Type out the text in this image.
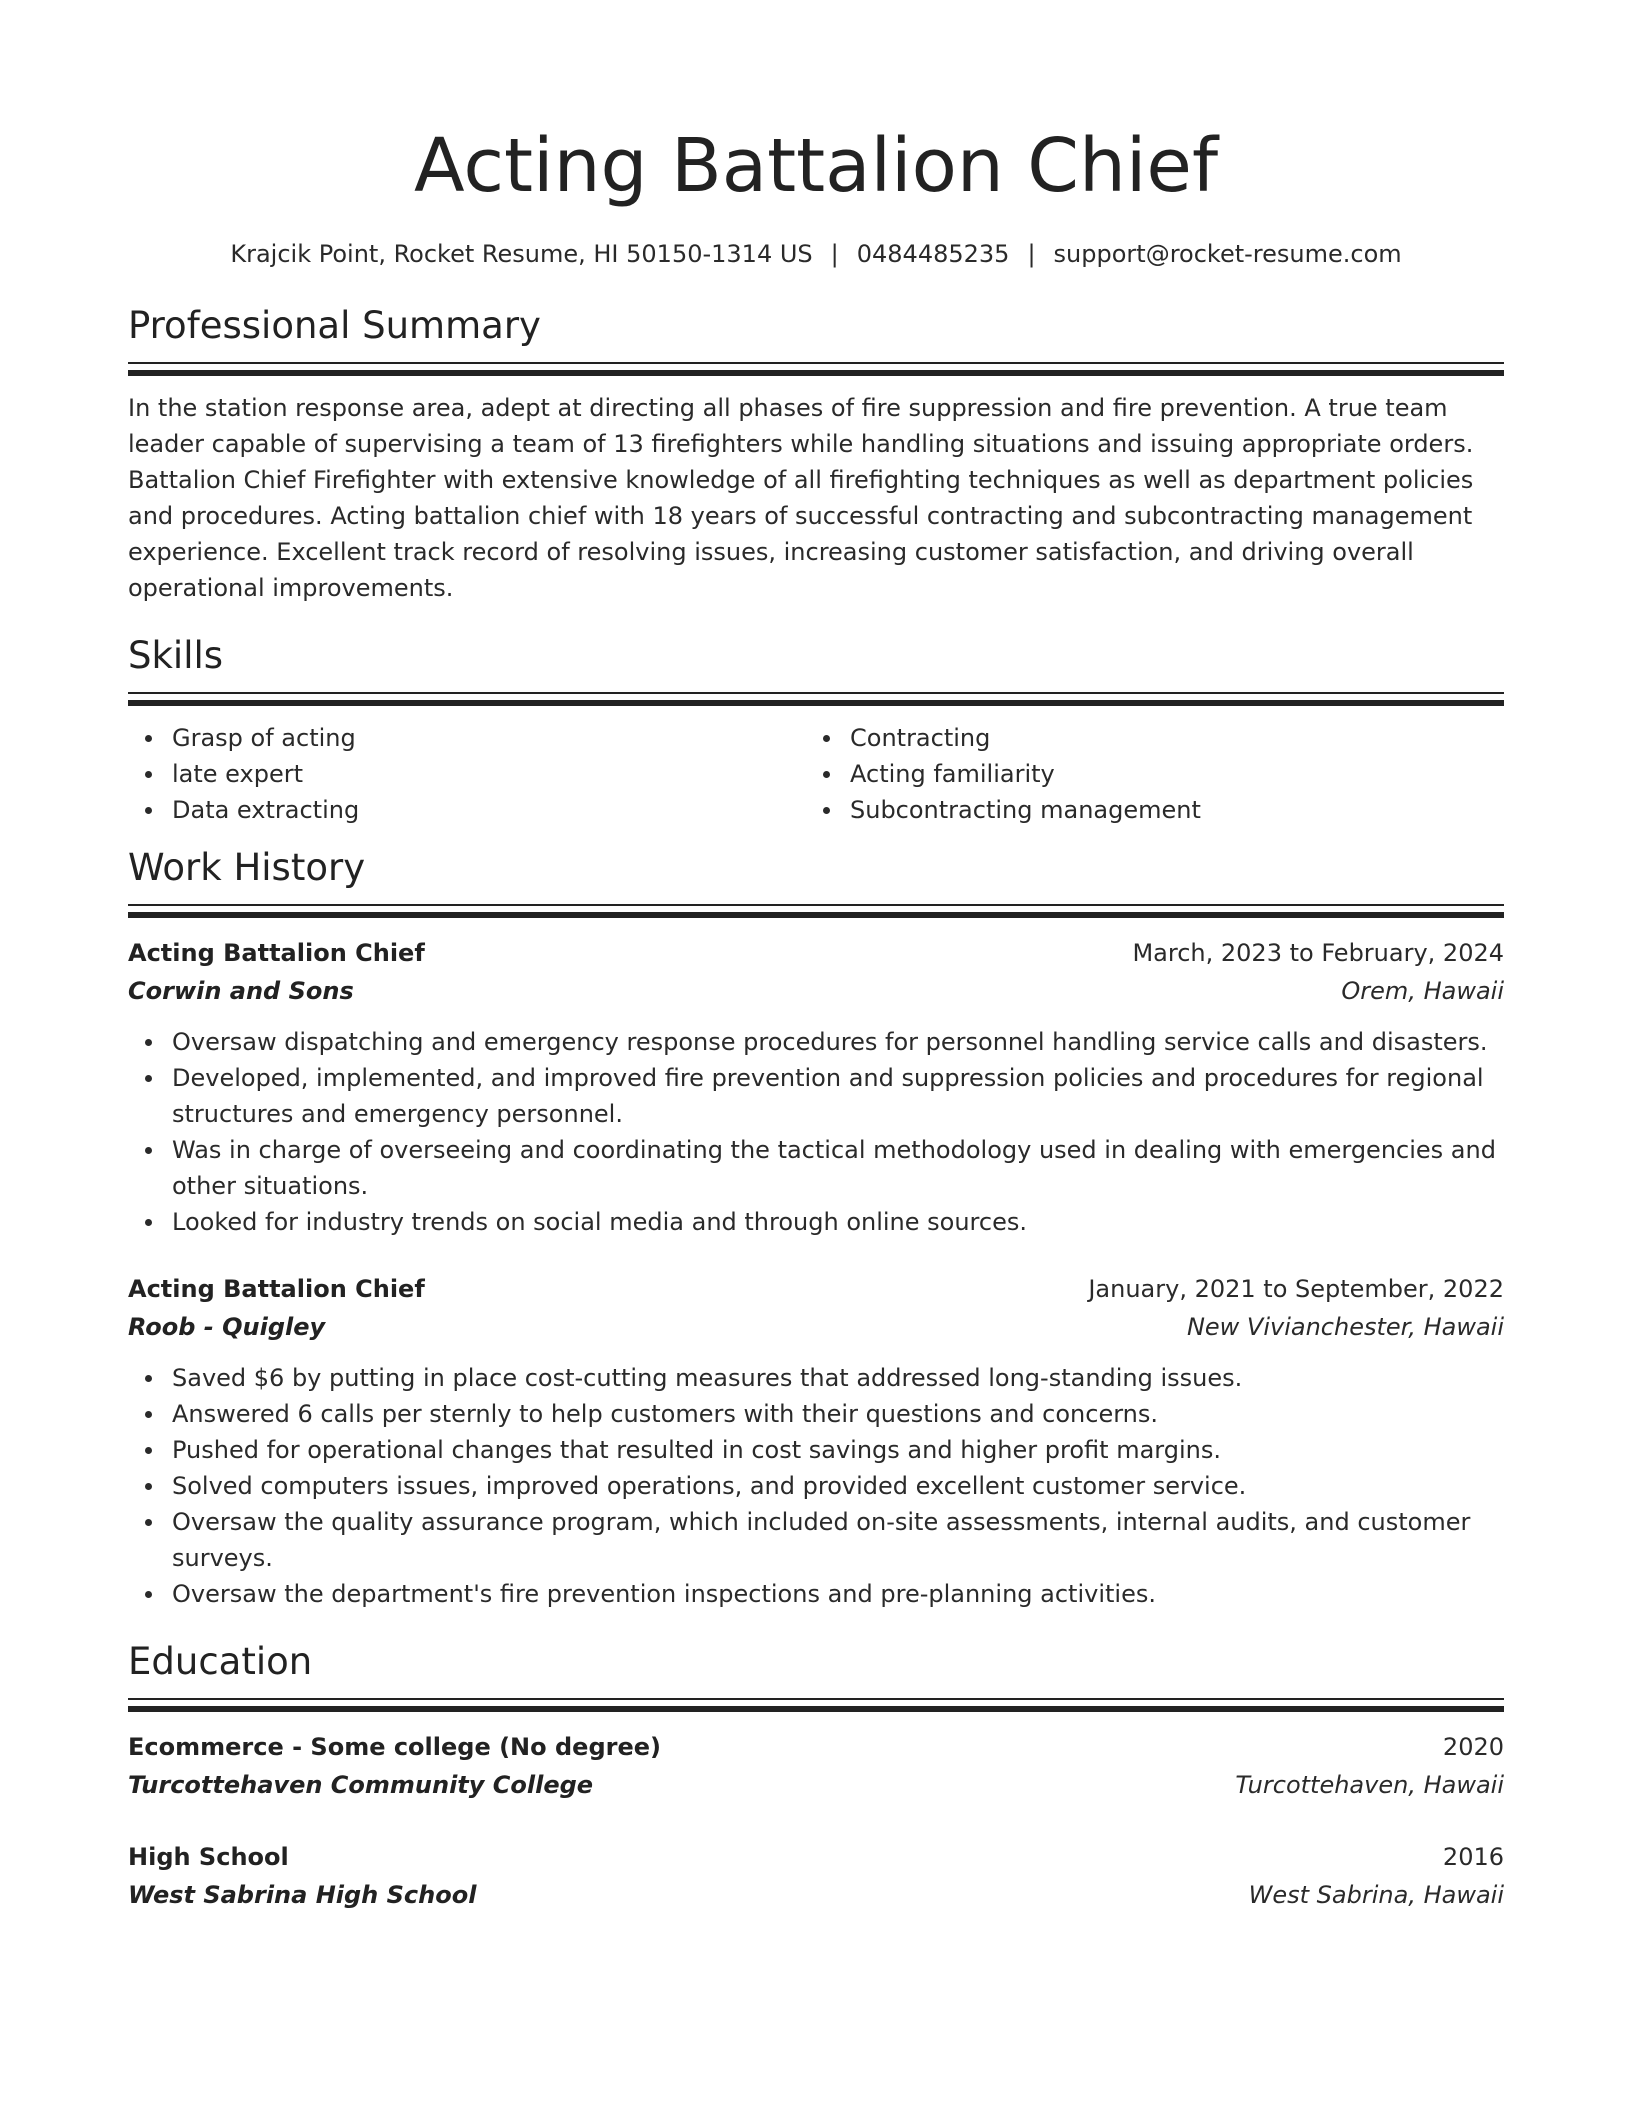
Acting Battalion Chief
Krajcik Point, Rocket Resume, HI 50150-1314 US | 0484485235 | support@rocket-resume.com
Professional Summary

In the station response area, adept at directing all phases of fire suppression and fire prevention. A true team leader capable of supervising a team of 13 firefighters while handling situations and issuing appropriate orders. Battalion Chief Firefighter with extensive knowledge of all firefighting techniques as well as department policies and procedures. Acting battalion chief with 18 years of successful contracting and subcontracting management experience. Excellent track record of resolving issues, increasing customer satisfaction, and driving overall operational improvements.

Skills
Grasp of acting
late expert
Data extracting
Contracting
Acting familiarity
Subcontracting management
Work History
Acting Battalion Chief	March, 2023 to February, 2024
Corwin and Sons	Orem, Hawaii
Oversaw dispatching and emergency response procedures for personnel handling service calls and disasters.
Developed, implemented, and improved fire prevention and suppression policies and procedures for regional structures and emergency personnel.
Was in charge of overseeing and coordinating the tactical methodology used in dealing with emergencies and other situations.
Looked for industry trends on social media and through online sources.
Acting Battalion Chief	January, 2021 to September, 2022
Roob - Quigley	New Vivianchester, Hawaii
Saved $6 by putting in place cost-cutting measures that addressed long-standing issues.
Answered 6 calls per sternly to help customers with their questions and concerns.
Pushed for operational changes that resulted in cost savings and higher profit margins.
Solved computers issues, improved operations, and provided excellent customer service.
Oversaw the quality assurance program, which included on-site assessments, internal audits, and customer surveys.
Oversaw the department's fire prevention inspections and pre-planning activities.
Education
Ecommerce - Some college (No degree)	2020
Turcottehaven Community College	Turcottehaven, Hawaii
High School	2016
West Sabrina High School	West Sabrina, Hawaii
